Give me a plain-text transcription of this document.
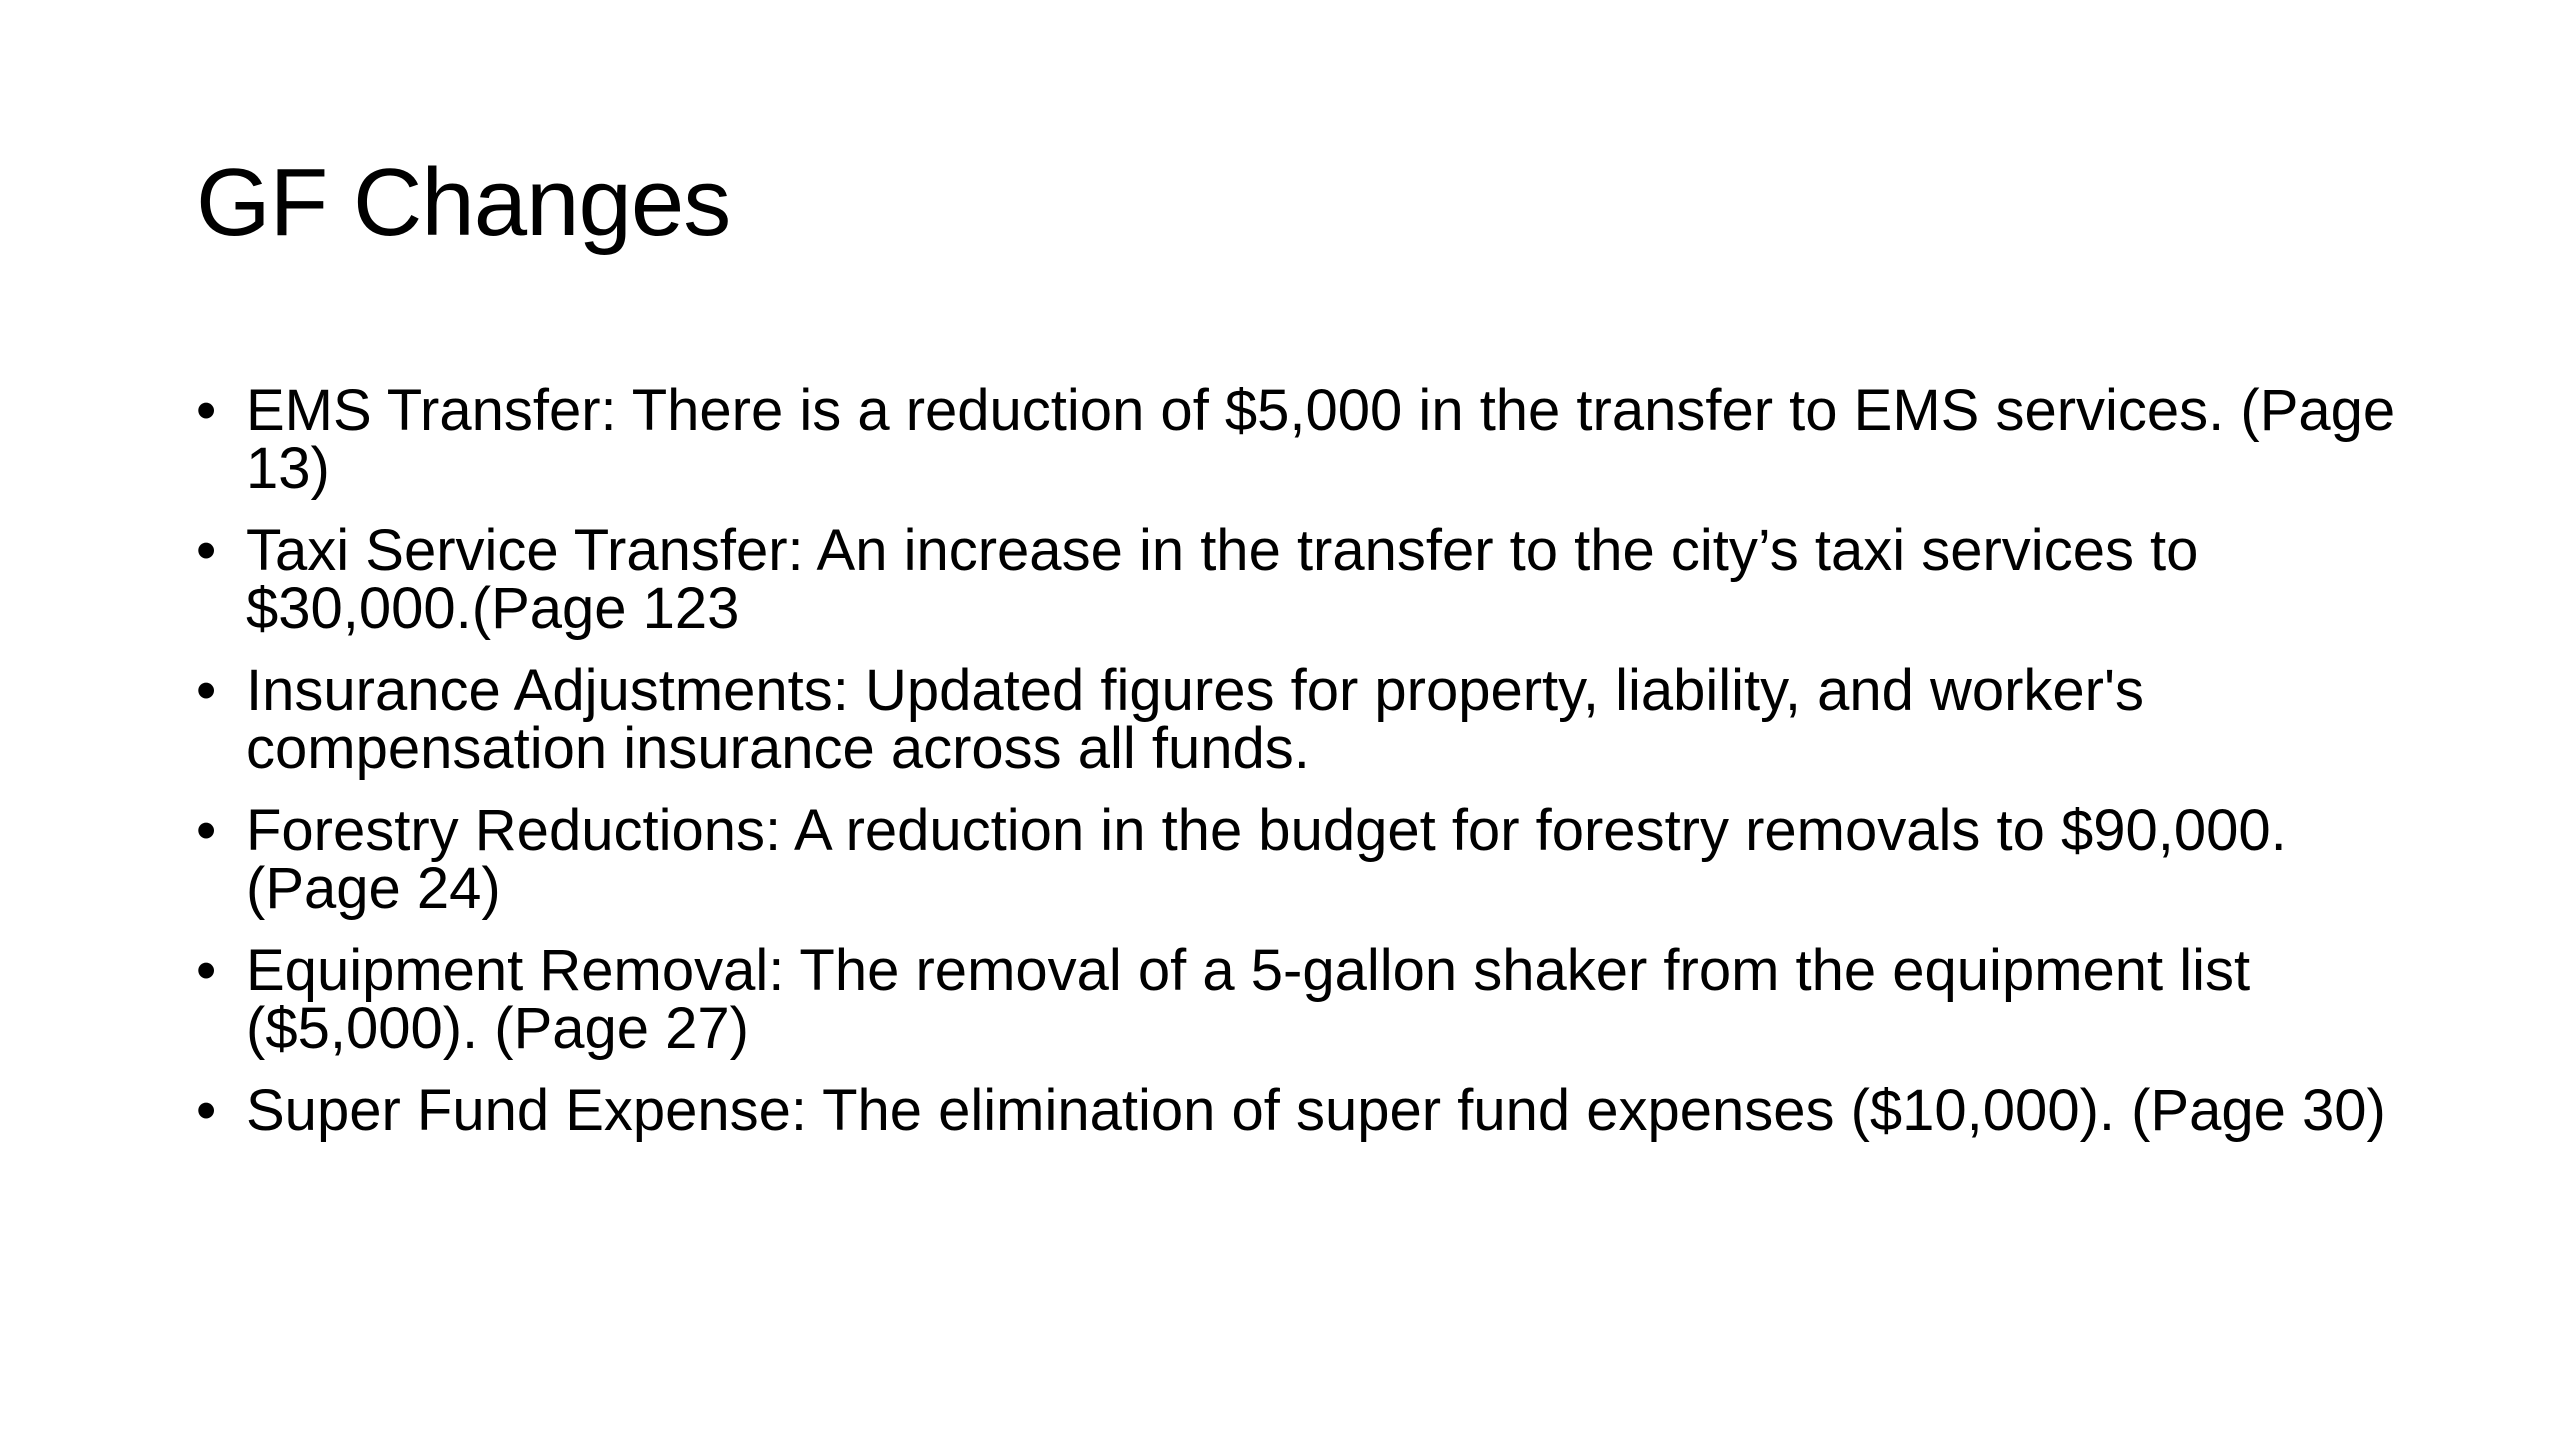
GF Changes
• EMS Transfer: There is a reduction of $5,000 in the transfer to EMS services. (Page 13)
• Taxi Service Transfer: An increase in the transfer to the city’s taxi services to $30,000.(Page 123
• Insurance Adjustments: Updated figures for property, liability, and worker's compensation insurance across all funds.
• Forestry Reductions: A reduction in the budget for forestry removals to $90,000. (Page 24)
• Equipment Removal: The removal of a 5-gallon shaker from the equipment list ($5,000). (Page 27)
• Super Fund Expense: The elimination of super fund expenses ($10,000). (Page 30)
